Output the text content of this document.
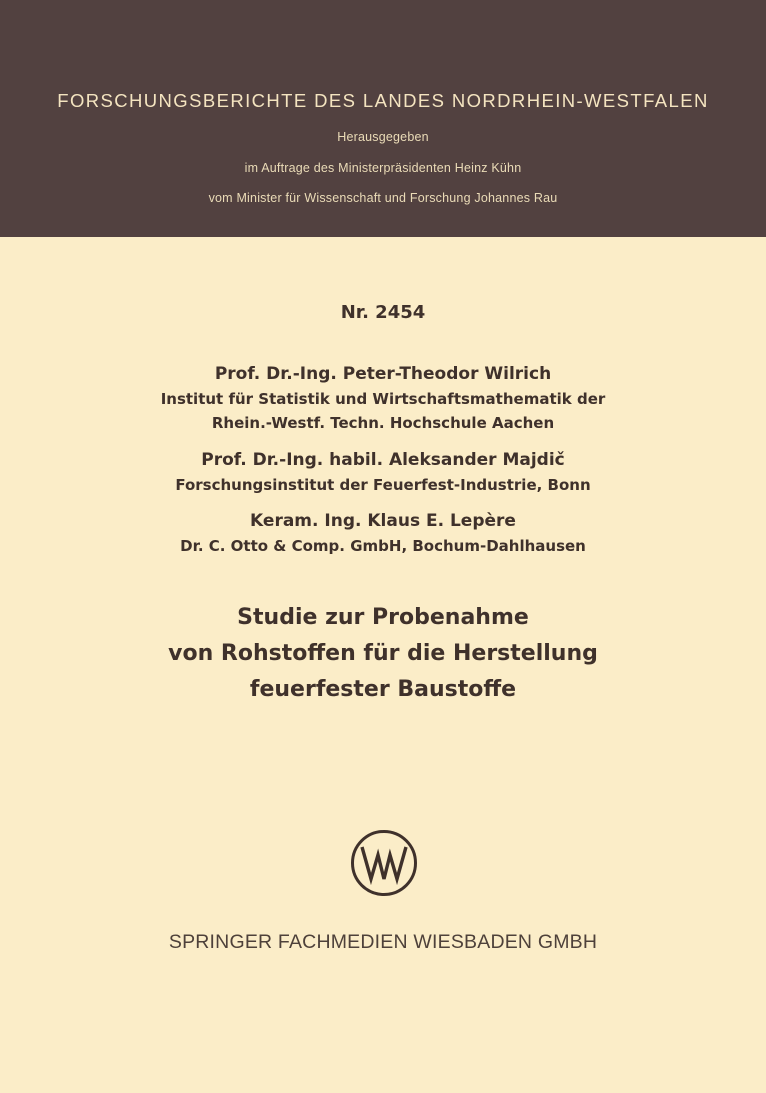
FORSCHUNGSBERICHTE DES LANDES NORDRHEIN-WESTFALEN
Herausgegeben
im Auftrage des Ministerpräsidenten Heinz Kühn
vom Minister für Wissenschaft und Forschung Johannes Rau
Nr. 2454
Prof. Dr.-Ing. Peter-Theodor Wilrich
Institut für Statistik und Wirtschaftsmathematik der
Rhein.-Westf. Techn. Hochschule Aachen
Prof. Dr.-Ing. habil. Aleksander Majdič
Forschungsinstitut der Feuerfest-Industrie, Bonn
Keram. Ing. Klaus E. Lepère
Dr. C. Otto & Comp. GmbH, Bochum-Dahlhausen
Studie zur Probenahme
von Rohstoffen für die Herstellung
feuerfester Baustoffe
SPRINGER FACHMEDIEN WIESBADEN GMBH
